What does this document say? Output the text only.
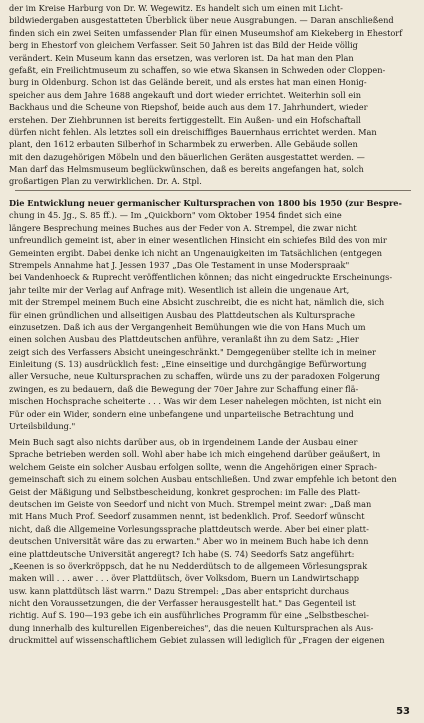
der im Kreise Harburg von Dr. W. Wegewitz. Es handelt sich um einen mit Licht-
bildwiedergaben ausgestatteten Überblick über neue Ausgrabungen. — Daran anschließend
finden sich ein zwei Seiten umfassender Plan für einen Museumshof am Kiekeberg in Ehestorf
berg in Ehestorf von gleichem Verfasser. Seit 50 Jahren ist das Bild der Heide völlig
verändert. Kein Museum kann das ersetzen, was verloren ist. Da hat man den Plan
gefaßt, ein Freilichtmuseum zu schaffen, so wie etwa Skansen in Schweden oder Cloppen-
burg in Oldenburg. Schon ist das Gelände bereit, und als erstes hat man einen Honig-
speicher aus dem Jahre 1688 angekauft und dort wieder errichtet. Weiterhin soll ein
Backhaus und die Scheune von Riepshof, beide auch aus dem 17. Jahrhundert, wieder
erstehen. Der Ziehbrunnen ist bereits fertiggestellt. Ein Außen- und ein Hofschaftall
dürfen nicht fehlen. Als letztes soll ein dreischiffiges Bauernhaus errichtet werden. Man
plant, den 1612 erbauten Silberhof in Scharmbek zu erwerben. Alle Gebäude sollen
mit den dazugehörigen Möbeln und den bäuerlichen Geräten ausgestattet werden. —
Man darf das Helmsmuseum beglückwünschen, daß es bereits angefangen hat, solch
großartigen Plan zu verwirklichen. Dr. A. Stpl.
Die Entwicklung neuer germanischer Kultursprachen von 1800 bis 1950 (zur Bespre-
chung in 45. Jg., S. 85 ff.). — Im „Quickborn" vom Oktober 1954 findet sich eine
längere Besprechung meines Buches aus der Feder von A. Strempel, die zwar nicht
unfreundlich gemeint ist, aber in einer wesentlichen Hinsicht ein schiefes Bild des von mir
Gemeinten ergibt. Dabei denke ich nicht an Ungenauigkeiten im Tatsächlichen (entgegen
Strempels Annahme hat J. Jessen 1937 „Das Ole Testament in unse Moderspraak"
bei Vandenhoeck & Ruprecht veröffentlichen können; das nicht eingedruckte Erscheinungs-
jahr teilte mir der Verlag auf Anfrage mit). Wesentlich ist allein die ungenaue Art,
mit der Strempel meinem Buch eine Absicht zuschreibt, die es nicht hat, nämlich die, sich
für einen gründlichen und allseitigen Ausbau des Plattdeutschen als Kultursprache
einzusetzen. Daß ich aus der Vergangenheit Bemühungen wie die von Hans Much um
einen solchen Ausbau des Plattdeutschen anführe, veranlaßt ihn zu dem Satz: „Hier
zeigt sich des Verfassers Absicht uneingeschränkt." Demgegenüber stellte ich in meiner
Einleitung (S. 13) ausdrücklich fest: „Eine einseitige und durchgängige Befürwortung
aller Versuche, neue Kultursprachen zu schaffen, würde uns zu der paradoxen Folgerung
zwingen, es zu bedauern, daß die Bewegung der 70er Jahre zur Schaffung einer flä-
mischen Hochsprache scheiterte . . . Was wir dem Leser nahelegen möchten, ist nicht ein
Für oder ein Wider, sondern eine unbefangene und unparteiische Betrachtung und
Urteilsbildung."
Mein Buch sagt also nichts darüber aus, ob in irgendeinem Lande der Ausbau einer
Sprache betrieben werden soll. Wohl aber habe ich mich eingehend darüber geäußert, in
welchem Geiste ein solcher Ausbau erfolgen sollte, wenn die Angehörigen einer Sprach-
gemeinschaft sich zu einem solchen Ausbau entschließen. Und zwar empfehle ich betont den
Geist der Mäßigung und Selbstbescheidung, konkret gesprochen: im Falle des Platt-
deutschen im Geiste von Seedorf und nicht von Much. Strempel meint zwar: „Daß man
mit Hans Much Prof. Seedorf zusammen nennt, ist bedenklich. Prof. Seedorf wünscht
nicht, daß die Allgemeine Vorlesungssprache plattdeutsch werde. Aber bei einer platt-
deutschen Universität wäre das zu erwarten." Aber wo in meinem Buch habe ich denn
eine plattdeutsche Universität angeregt? Ich habe (S. 74) Seedorfs Satz angeführt:
„Keenen is so överkröppsch, dat he nu Nedderdütsch to de allgemeen Vörlesungsprak
maken will . . . awer . . . över Plattdütsch, över Volksdom, Buern un Landwirtschapp
usw. kann plattdütsch läst warrn." Dazu Strempel: „Das aber entspricht durchaus
nicht den Voraussetzungen, die der Verfasser herausgestellt hat." Das Gegenteil ist
richtig. Auf S. 190—193 gebe ich ein ausführliches Programm für eine „Selbstbeschei-
dung innerhalb des kulturellen Eigenbereiches", das die neuen Kultursprachen als Aus-
druckmittel auf wissenschaftlichem Gebiet zulassen will lediglich für „Fragen der eigenen
53
